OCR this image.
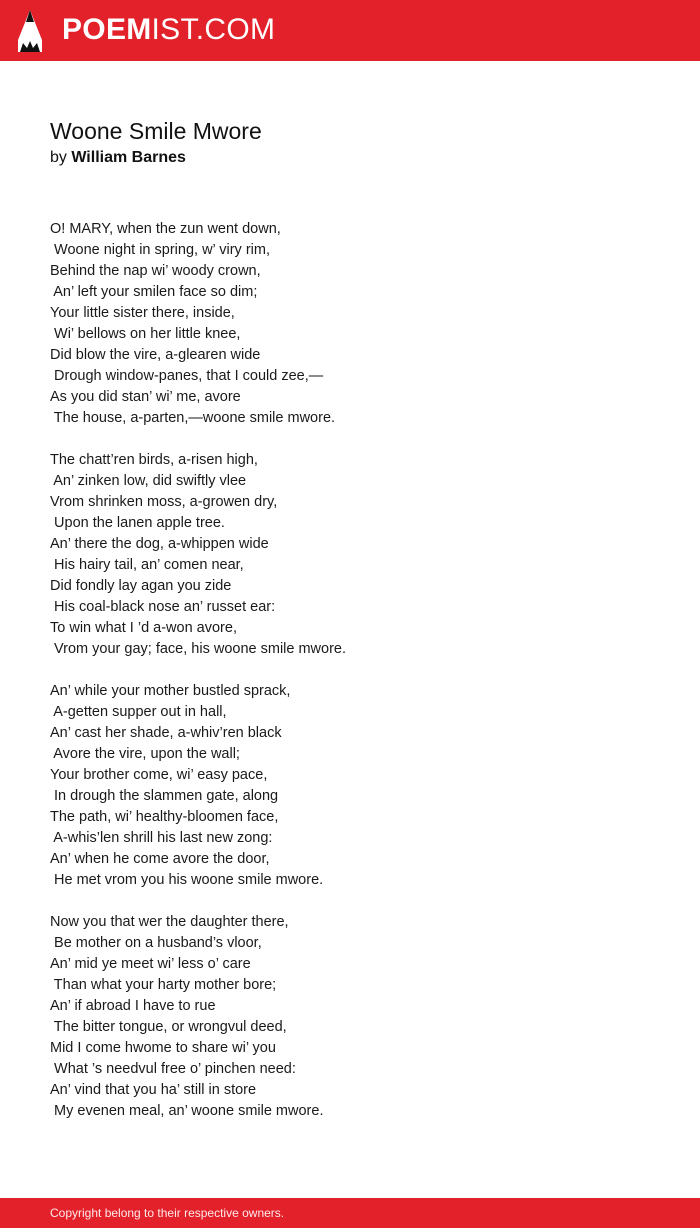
POEMIST.COM
Woone Smile Mwore
by William Barnes
O! MARY, when the zun went down,
Woone night in spring, w’ viry rim,
Behind the nap wi’ woody crown,
An’ left your smilen face so dim;
Your little sister there, inside,
Wi’ bellows on her little knee,
Did blow the vire, a-glearen wide
Drough window-panes, that I could zee,—
As you did stan’ wi’ me, avore
The house, a-parten,—woone smile mwore.
The chatt’ren birds, a-risen high,
An’ zinken low, did swiftly vlee
Vrom shrinken moss, a-growen dry,
Upon the lanen apple tree.
An’ there the dog, a-whippen wide
His hairy tail, an’ comen near,
Did fondly lay agan you zide
His coal-black nose an’ russet ear:
To win what I ’d a-won avore,
Vrom your gay; face, his woone smile mwore.
An’ while your mother bustled sprack,
A-getten supper out in hall,
An’ cast her shade, a-whiv’ren black
Avore the vire, upon the wall;
Your brother come, wi’ easy pace,
In drough the slammen gate, along
The path, wi’ healthy-bloomen face,
A-whis’len shrill his last new zong:
An’ when he come avore the door,
He met vrom you his woone smile mwore.
Now you that wer the daughter there,
Be mother on a husband’s vloor,
An’ mid ye meet wi’ less o’ care
Than what your harty mother bore;
An’ if abroad I have to rue
The bitter tongue, or wrongvul deed,
Mid I come hwome to share wi’ you
What ’s needvul free o’ pinchen need:
An’ vind that you ha’ still in store
My evenen meal, an’ woone smile mwore.
Copyright belong to their respective owners.
